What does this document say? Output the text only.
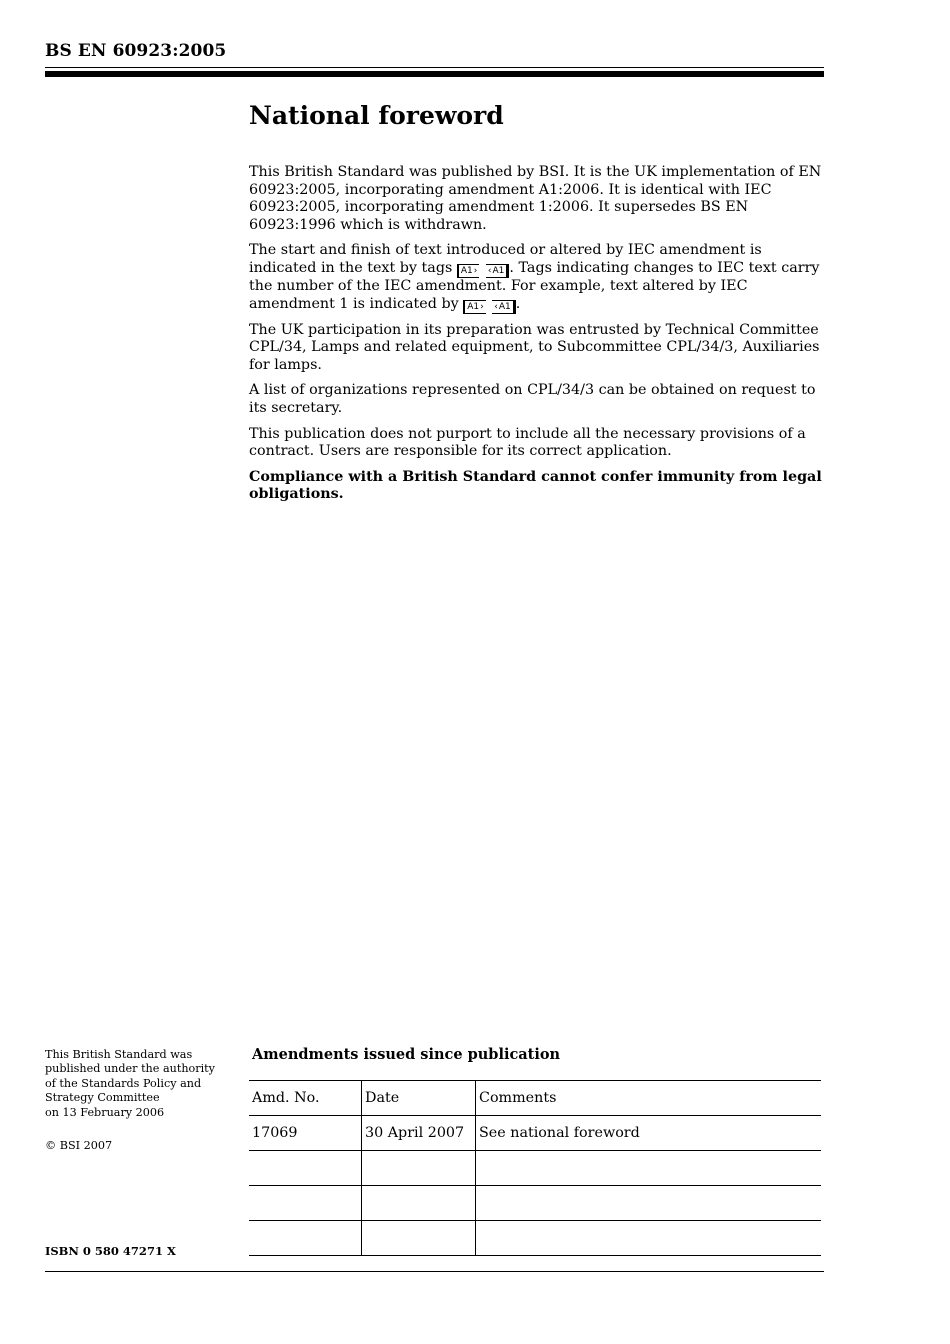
BS EN 60923:2005
National foreword

This British Standard was published by BSI. It is the UK implementation of EN 60923:2005, incorporating amendment A1:2006. It is identical with IEC 60923:2005, incorporating amendment 1:2006. It supersedes BS EN 60923:1996 which is withdrawn.

The start and finish of text introduced or altered by IEC amendment is indicated in the text by tags A1 › ‹ A1 . Tags indicating changes to IEC text carry the number of the IEC amendment. For example, text altered by IEC amendment 1 is indicated by A1 › ‹ A1 .

The UK participation in its preparation was entrusted by Technical Committee CPL/34, Lamps and related equipment, to Subcommittee CPL/34/3, Auxiliaries for lamps.

A list of organizations represented on CPL/34/3 can be obtained on request to its secretary.

This publication does not purport to include all the necessary provisions of a contract. Users are responsible for its correct application.

Compliance with a British Standard cannot confer immunity from legal obligations.

This British Standard was
published under the authority
of the Standards Policy and
Strategy Committee
on 13 February 2006
© BSI 2007
ISBN 0 580 47271 X
Amendments issued since publication
Amd. No.	Date	Comments
17069	30 April 2007	See national foreword
